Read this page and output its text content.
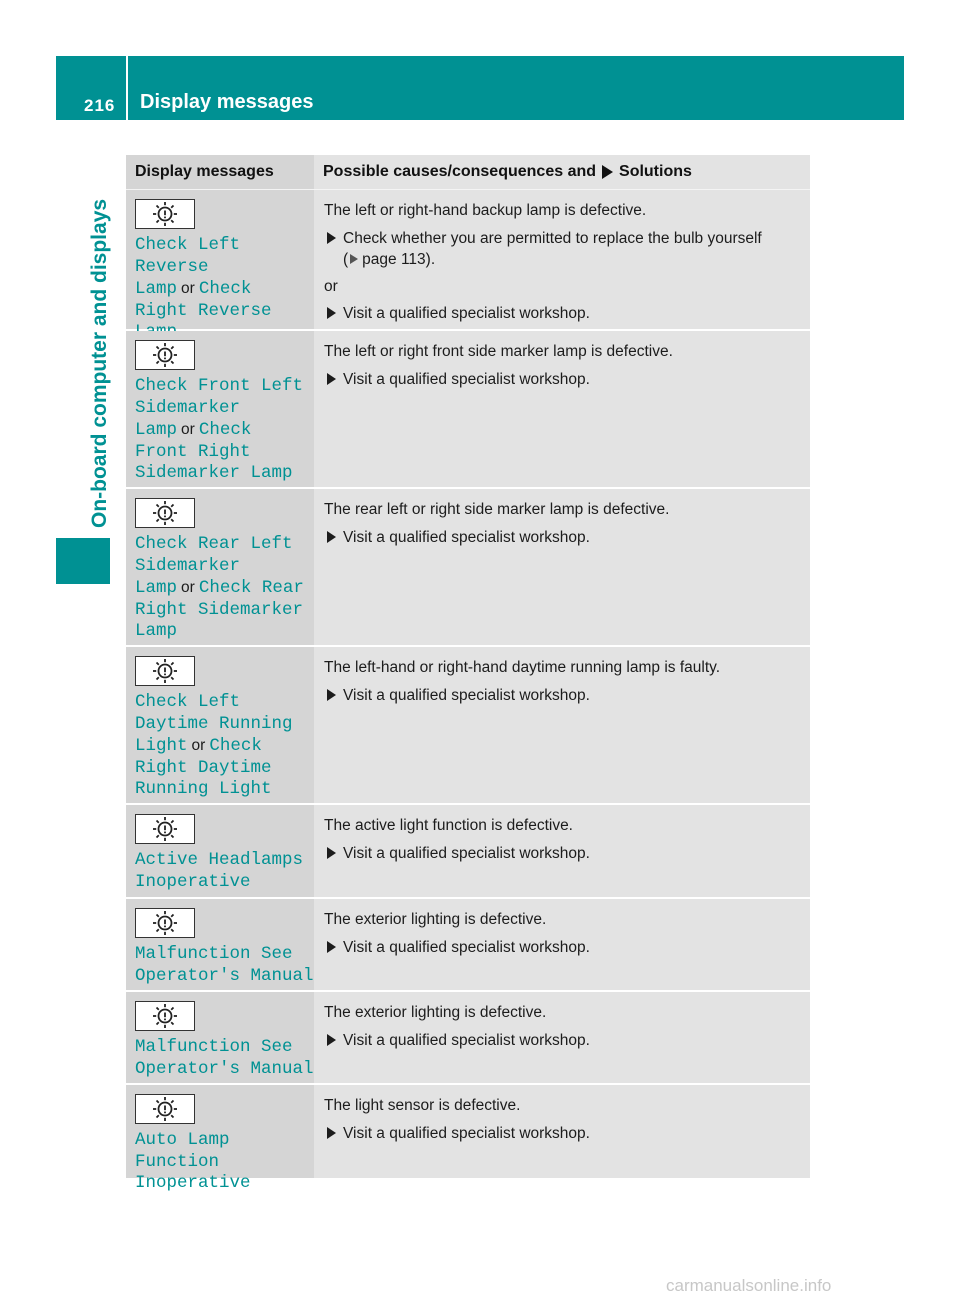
216 Display messages
On-board computer and displays
Display messages	Possible causes/consequences and Solutions
Check Left Reverse Lamp or Check Right Reverse
The left or right-hand backup lamp is defective.
Check whether you are permitted to replace the bulb yourself
( page 113).
or
Visit a qualified specialist workshop.
Check Front Left Sidemarker Lamp or Check Front Right Sidemarker Lamp
The left or right front side marker lamp is defective.
Visit a qualified specialist workshop.
Check Rear Left Sidemarker Lamp or Check Rear Right Sidemarker Lamp
The rear left or right side marker lamp is defective.
Visit a qualified specialist workshop.
Check Left Daytime Running Light or Check Right Daytime Running Light
The left-hand or right-hand daytime running lamp is faulty.
Visit a qualified specialist workshop.
Active Headlamps Inoperative
The active light function is defective.
Visit a qualified specialist workshop.
Malfunction See Operator's Manual
The exterior lighting is defective.
Visit a qualified specialist workshop.
Malfunction See Operator's Manual
The exterior lighting is defective.
Visit a qualified specialist workshop.
Auto Lamp Function Inoperative
The light sensor is defective.
Visit a qualified specialist workshop.
carmanualsonline.info
